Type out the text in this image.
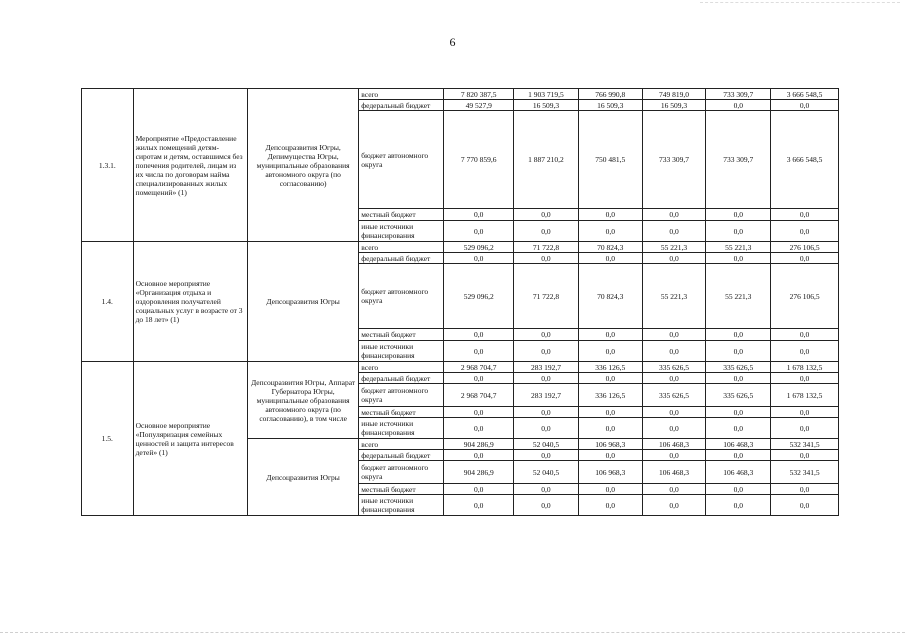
6
1.3.1.	Мероприятие «Предоставление жилых помещений детям-сиротам и детям, оставшимся без попечения родителей, лицам из их числа по договорам найма специализированных жилых помещений» (1)	Депсоцразвития Югры, Депимущества Югры, муниципальные образования автономного округа (по согласованию)	всего	7 820 387,5	1 903 719,5	766 990,8	749 819,0	733 309,7	3 666 548,5
			федеральный бюджет	49 527,9	16 509,3	16 509,3	16 509,3	0,0	0,0
			бюджет автономного округа	7 770 859,6	1 887 210,2	750 481,5	733 309,7	733 309,7	3 666 548,5
			местный бюджет	0,0	0,0	0,0	0,0	0,0	0,0
			иные источники финансирования	0,0	0,0	0,0	0,0	0,0	0,0
1.4.	Основное мероприятие «Организация отдыха и оздоровления получателей социальных услуг в возрасте от 3 до 18 лет» (1)	Депсоцразвития Югры	всего	529 096,2	71 722,8	70 824,3	55 221,3	55 221,3	276 106,5
			федеральный бюджет	0,0	0,0	0,0	0,0	0,0	0,0
			бюджет автономного округа	529 096,2	71 722,8	70 824,3	55 221,3	55 221,3	276 106,5
			местный бюджет	0,0	0,0	0,0	0,0	0,0	0,0
			иные источники финансирования	0,0	0,0	0,0	0,0	0,0	0,0
1.5.	Основное мероприятие «Популяризация семейных ценностей и защита интересов детей» (1)	Депсоцразвития Югры, Аппарат Губернатора Югры, муниципальные образования автономного округа (по согласованию), в том числе	всего	2 968 704,7	283 192,7	336 126,5	335 626,5	335 626,5	1 678 132,5
			федеральный бюджет	0,0	0,0	0,0	0,0	0,0	0,0
			бюджет автономного округа	2 968 704,7	283 192,7	336 126,5	335 626,5	335 626,5	1 678 132,5
			местный бюджет	0,0	0,0	0,0	0,0	0,0	0,0
			иные источники финансирования	0,0	0,0	0,0	0,0	0,0	0,0
		Депсоцразвития Югры	всего	904 286,9	52 040,5	106 968,3	106 468,3	106 468,3	532 341,5
			федеральный бюджет	0,0	0,0	0,0	0,0	0,0	0,0
			бюджет автономного округа	904 286,9	52 040,5	106 968,3	106 468,3	106 468,3	532 341,5
			местный бюджет	0,0	0,0	0,0	0,0	0,0	0,0
			иные источники финансирования	0,0	0,0	0,0	0,0	0,0	0,0
